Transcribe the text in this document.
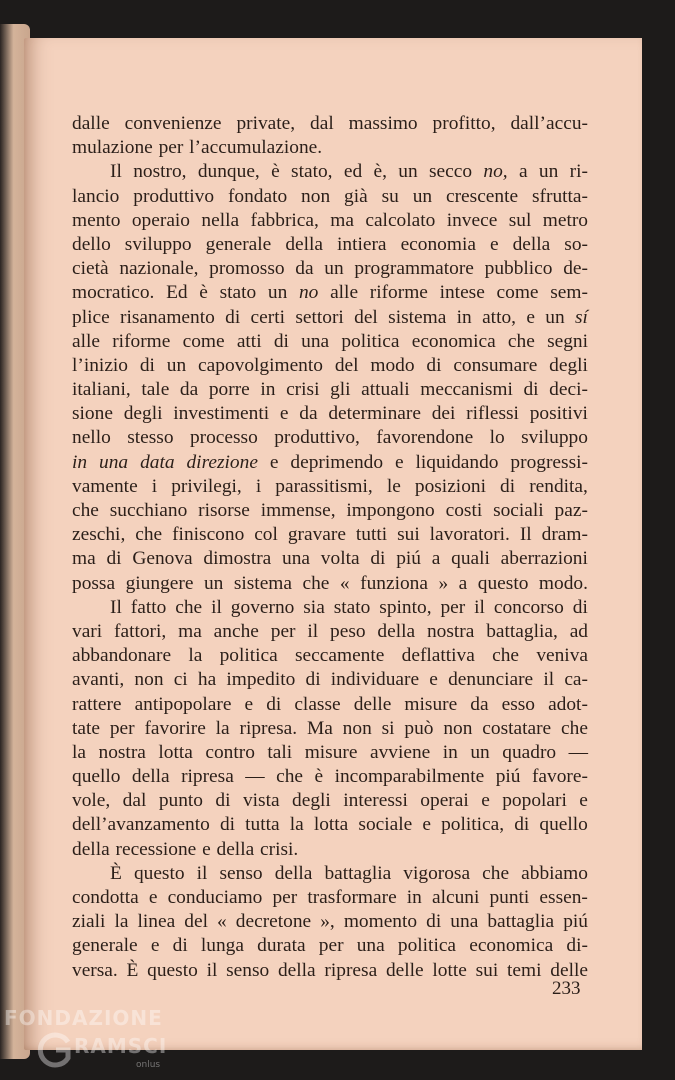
dalle convenienze private, dal massimo profitto, dall’accu-
mulazione per l’accumulazione.
Il nostro, dunque, è stato, ed è, un secco no, a un ri-
lancio produttivo fondato non già su un crescente sfrutta-
mento operaio nella fabbrica, ma calcolato invece sul metro
dello sviluppo generale della intiera economia e della so-
cietà nazionale, promosso da un programmatore pubblico de-
mocratico. Ed è stato un no alle riforme intese come sem-
plice risanamento di certi settori del sistema in atto, e un sí
alle riforme come atti di una politica economica che segni
l’inizio di un capovolgimento del modo di consumare degli
italiani, tale da porre in crisi gli attuali meccanismi di deci-
sione degli investimenti e da determinare dei riflessi positivi
nello stesso processo produttivo, favorendone lo sviluppo
in una data direzione e deprimendo e liquidando progressi-
vamente i privilegi, i parassitismi, le posizioni di rendita,
che succhiano risorse immense, impongono costi sociali paz-
zeschi, che finiscono col gravare tutti sui lavoratori. Il dram-
ma di Genova dimostra una volta di piú a quali aberrazioni
possa giungere un sistema che « funziona » a questo modo.
Il fatto che il governo sia stato spinto, per il concorso di
vari fattori, ma anche per il peso della nostra battaglia, ad
abbandonare la politica seccamente deflattiva che veniva
avanti, non ci ha impedito di individuare e denunciare il ca-
rattere antipopolare e di classe delle misure da esso adot-
tate per favorire la ripresa. Ma non si può non costatare che
la nostra lotta contro tali misure avviene in un quadro —
quello della ripresa — che è incomparabilmente piú favore-
vole, dal punto di vista degli interessi operai e popolari e
dell’avanzamento di tutta la lotta sociale e politica, di quello
della recessione e della crisi.
È questo il senso della battaglia vigorosa che abbiamo
condotta e conduciamo per trasformare in alcuni punti essen-
ziali la linea del « decretone », momento di una battaglia piú
generale e di lunga durata per una politica economica di-
versa. È questo il senso della ripresa delle lotte sui temi delle
233
FONDAZIONE
RAMSCI
onlus
